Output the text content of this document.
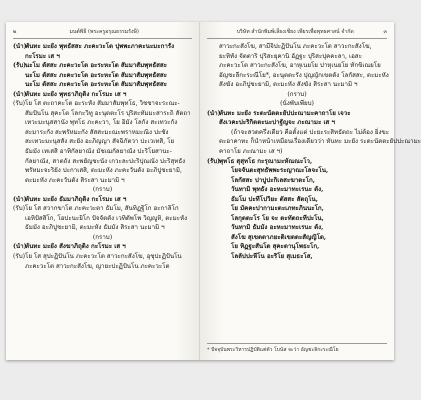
๒	มนต์พิธี (พระครูอรุณธรรมรังษี)
(นำ)
พันทะ มะยัง พุทธัสสะ ภะคะวะโต ปุพพะภาคะนะมะการัง
กะโรมะ เส ฯ
(รับ)
นะโม ตัสสะ ภะคะวะโต อะระหะโต สัมมาสัมพุทธัสสะ
นะโม ตัสสะ ภะคะวะโต อะระหะโต สัมมาสัมพุทธัสสะ
นะโม ตัสสะ ภะคะวะโต อะระหะโต สัมมาสัมพุทธัสสะ
(นำ)
หันทะ มะยัง พุทธาภิถุติง กะโรมะ เส ฯ
(รับ) โย โส ตะถาคะโต อะระหัง สัมมาสัมพุทโธ, วิชชาจะระณะ-
สัมปันโน สุคะโต โลกะวิทู อะนุตตะโร ปุริสะทัมมะสาระถิ สัตถา
เทวะมะนุสสานัง พุทโธ ภะคะวา, โย อิมัง โลกัง สะเทวะกัง
สะมาระกัง สะพรัหมะกัง สัสสะมะณะพราหมะณิง ปะชัง
สะเทวะมะนุสสัง สะยัง อะภิญญา สัจฉิกัตวา ปะเวเทสิ, โย
ธัมมัง เทเสสิ อาทิกัลยาณัง มัชเฌกัลยาณัง ปะริโยสานะ-
กัลยาณัง, สาตถัง สะพยัญชะนัง เกวะละปะริปุณณัง ปะริสุทธัง
พรัหมะจะริยัง ปะกาเสสิ, ตะมะหัง ภะคะวันตัง อะภิปูชะยามิ,
ตะมะหัง ภะคะวันตัง สิระสา นะมามิ ฯ
(กราบ)
(นำ)
หันทะ มะยัง ธัมมาภิถุติง กะโรมะ เส ฯ
(รับ) โย โส สวากขาโต ภะคะวะตา ธัมโม, สันทิฏฐิโก อะกาลิโก
เอหิปัสสิโก, โอปะนะยิโก ปัจจัตตัง เวทิตัพโพ วิญญูหิ, ตะมะหัง
ธัมมัง อะภิปูชะยามิ, ตะมะหัง ธัมมัง สิระสา นะมามิ ฯ
(กราบ)
(นำ)
หันทะ มะยัง สังฆาภิถุติง กะโรมะ เส ฯ
(รับ) โย โส สุปะฏิปันโน ภะคะวะโต สาวะกะสังโฆ, อุชุปะฏิปันโน
ภะคะวะโต สาวะกะสังโฆ, ญายะปะฏิปันโน ภะคะวะโต
บริษัท สำนักพิมพ์เลี่ยงเชียง เพียรเพื่อพุทธศาสน์ จำกัด	๓
สาวะกะสังโฆ, สามีจิปะฏิปันโน ภะคะวะโต สาวะกะสังโฆ,
ยะทิทัง จัตตาริ ปุริสะยุคานิ อัฏฐะ ปุริสะปุคคะลา, เอสะ
ภะคะวะโต สาวะกะสังโฆ, อาหุเนยโย ปาหุเนยโย ทักขิเณยโย
อัญชะลีกะระณีโย*, อะนุตตะรัง ปุญญักเขตตัง โลกัสสะ, ตะมะหัง
สังฆัง อะภิปูชะยามิ, ตะมะหัง สังฆัง สิระสา นะมามิ ฯ
(กราบ)
(นั่งพับเพียบ)
(นำ)
หันทะ มะยัง ระตะนัตตะยัปปะณามะคาถาโย เจวะ
สังเวคะปะริกิตตะนะปาฐัญจะ ภะณามะ เส ฯ
(ถ้าจะสวดครึ่งเดียว คือตั้งแต่ ปะยะระสิทธัตถะ ไม่ต้อง ยิ่งขะ
ตะอาคาทะ ก็นำหน้าเหมือนเรื่องเดียวว่า หันทะ มะยัง ระตะนัตตะยัปปะณามะ
คาถาโย ภะณามะ เส ฯ)
(รับ)
พุทโธ สุสุทโธ กะรุณามะหัณณะโว,
โยจจันตะสุทธัพพะระญาณะโลจะโน,
โลกัสสะ ปาปูปะกิเลสะฆาตะโก,
วันทามิ พุทธัง อะหะมาทะเรนะ ตัง,
ธัมโม ปะทีโปวิยะ ตัสสะ สัตถุโน,
โย มัคคะปากามะตะเภทะภินนะโก,
โลกุตตะโร โย จะ ตะทัตถะทีปะโน,
วันทามิ ธัมมัง อะหะมาทะเรนะ ตัง,
สังโฆ สุเขตตาภยะติเขตตะสัญญิโต,
โย ทิฏฐะสันโต สุคะตานุโพธะโก,
โลลัปปะหีโน อะริโย สุเมธะโส,
* ปัจจุบันพระวิหารปฏิบัติแต่ตัว โบนัส จะว่า อัญชะลิกะระณีโย
